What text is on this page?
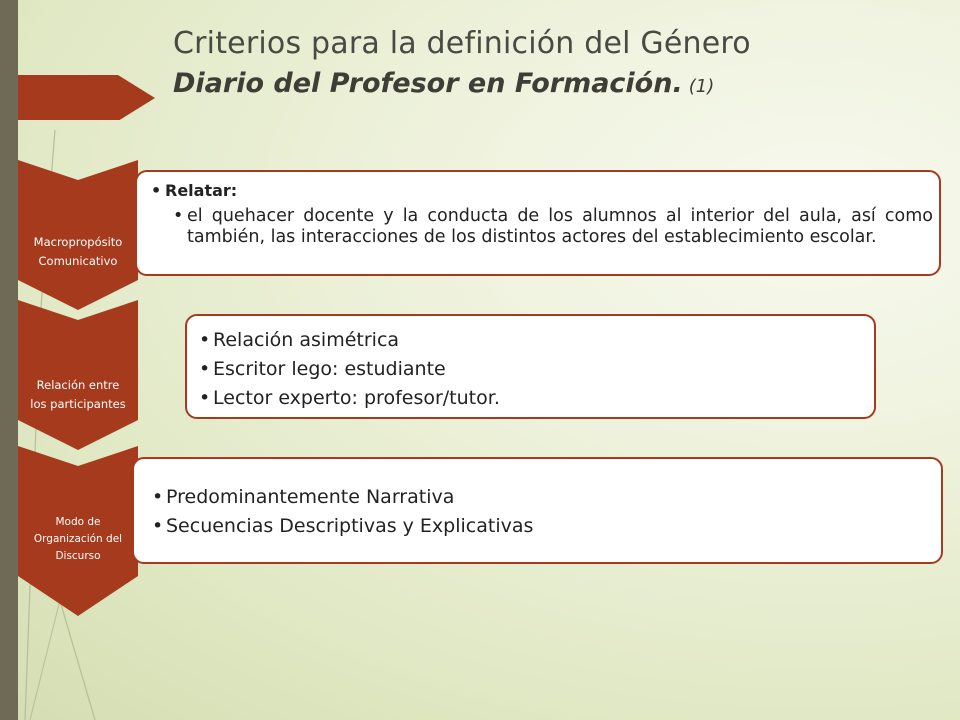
Criterios para la definición del Género
Diario del Profesor en Formación. (1)
Macropropósito
Comunicativo
Relación entre
los participantes
Modo de
Organización del
Discurso
• Relatar:
• el quehacer docente y la conducta de los alumnos al interior del aula, así como también, las interacciones de los distintos actores del establecimiento escolar.
• Relación asimétrica
• Escritor lego: estudiante
• Lector experto: profesor/tutor.
• Predominantemente Narrativa
• Secuencias Descriptivas y Explicativas
